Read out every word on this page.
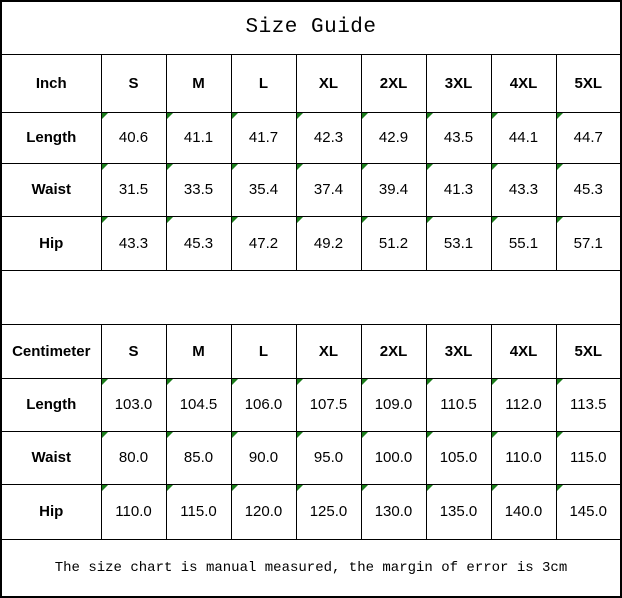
Size Guide								
Inch	S	M	L	XL	2XL	3XL	4XL	5XL
Length	40.6	41.1	41.7	42.3	42.9	43.5	44.1	44.7
Waist	31.5	33.5	35.4	37.4	39.4	41.3	43.3	45.3
Hip	43.3	45.3	47.2	49.2	51.2	53.1	55.1	57.1

Centimeter	S	M	L	XL	2XL	3XL	4XL	5XL
Length	103.0	104.5	106.0	107.5	109.0	110.5	112.0	113.5
Waist	80.0	85.0	90.0	95.0	100.0	105.0	110.0	115.0
Hip	110.0	115.0	120.0	125.0	130.0	135.0	140.0	145.0
The size chart is manual measured, the margin of error is 3cm								
